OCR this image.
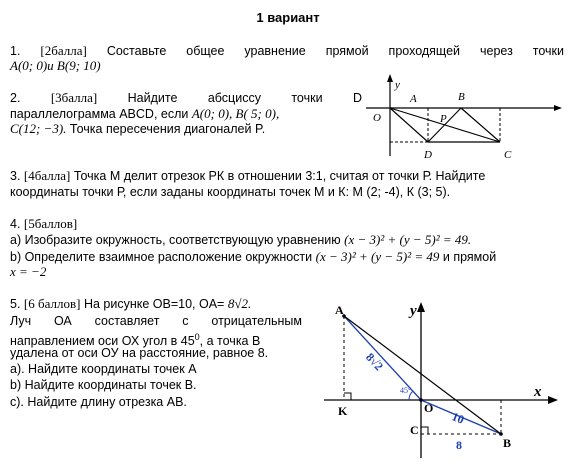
1 вариант
1. [2балла] Составьте общее уравнение прямой проходящей через точки
A(0; 0)и B(9; 10)
2. [3балла] Найдите абсциссу точки D
параллелограмма ABCD, если A(0; 0), B( 5; 0),
C(12; −3). Точка пересечения диагоналей P.
y
O
A	B
P
D	C
3. [4балла] Точка М делит отрезок РК в отношении 3:1, считая от точки Р. Найдите
координаты точки Р, если заданы координаты точек М и К: М (2; -4), К (3; 5).
4. [5баллов]
а) Изобразите окружность, соответствующую уравнению (x − 3)² + (y − 5)² = 49.
b) Определите взаимное расположение окружности (x − 3)² + (y − 5)² = 49 и прямой
x = −2
5. [6 баллов] На рисунке OB=10, OA= 8√2.
Луч ОА составляет с отрицательным
направлением оси ОХ угол в $45^0$, а точка В
удалена от оси ОУ на расстояние, равное 8.
а). Найдите координаты точек А
b) Найдите координаты точек В.
c). Найдите длину отрезка АВ.
y
x
A
K	O
C
B
8√2
45°
10
8
